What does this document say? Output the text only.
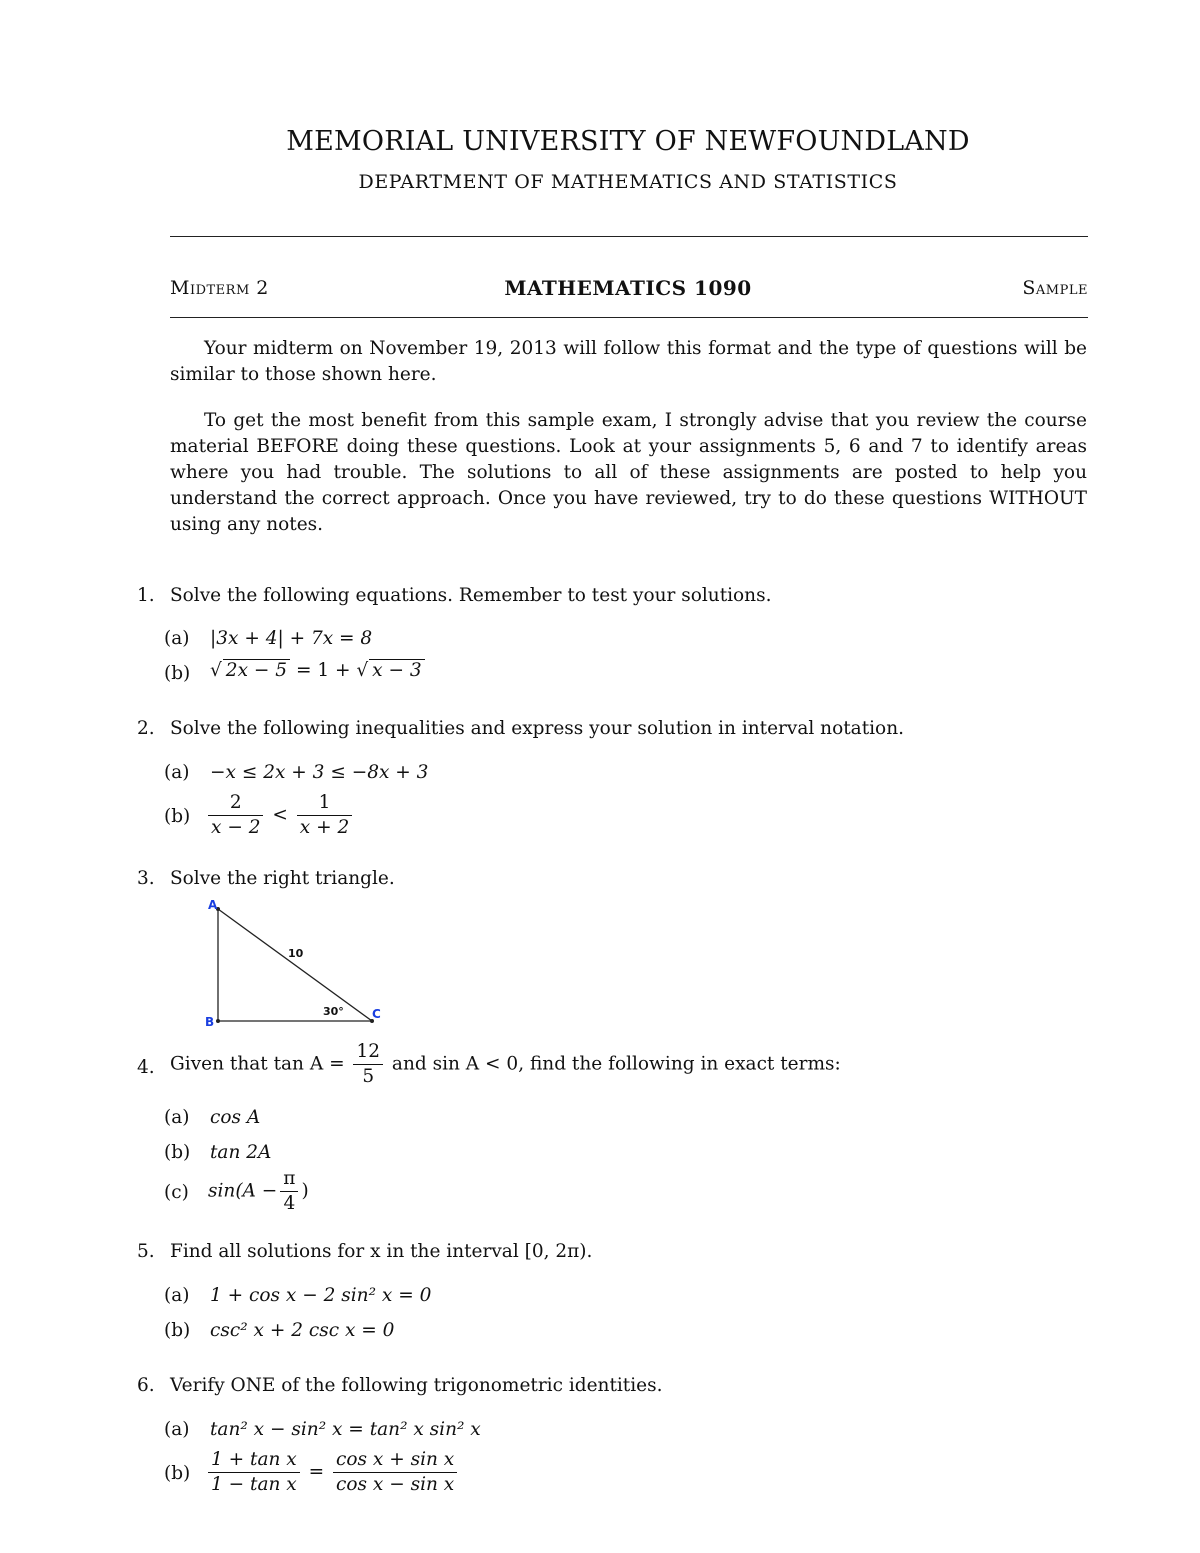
MEMORIAL UNIVERSITY OF NEWFOUNDLAND
DEPARTMENT OF MATHEMATICS AND STATISTICS
Midterm 2	MATHEMATICS 1090	Sample
Your midterm on November 19, 2013 will follow this format and the type of questions will be similar to those shown here.
To get the most benefit from this sample exam, I strongly advise that you review the course material BEFORE doing these questions. Look at your assignments 5, 6 and 7 to identify areas where you had trouble. The solutions to all of these assignments are posted to help you understand the correct approach. Once you have reviewed, try to do these questions WITHOUT using any notes.
1. Solve the following equations. Remember to test your solutions.
(a) |3x + 4| + 7x = 8
(b) √ 2x − 5 = 1 + √ x − 3
2. Solve the following inequalities and express your solution in interval notation.
(a) −x ≤ 2x + 3 ≤ −8x + 3
$(b) \frac{2}{x - 2} < \frac{1}{x + 2}$
3. Solve the right triangle.
A
B
C
10
30°
4. Given that $\tan A = \frac{12}{5}$ and sin A < 0, find the following in exact terms:
(a) cos A
(b) tan 2A
(c) $\sin(A - \frac{\pi}{4}$ )
5. Find all solutions for x in the interval [0, 2π).
(a) 1 + cos x − 2 sin² x = 0
(b) csc² x + 2 csc x = 0
6. Verify ONE of the following trigonometric identities.
(a) tan² x − sin² x = tan² x sin² x
$(b) \frac{\text{1 + tan x}}{\text{1 − tan x}} = \frac{\text{cos x + sin x}}{\text{cos x − sin x}}$
